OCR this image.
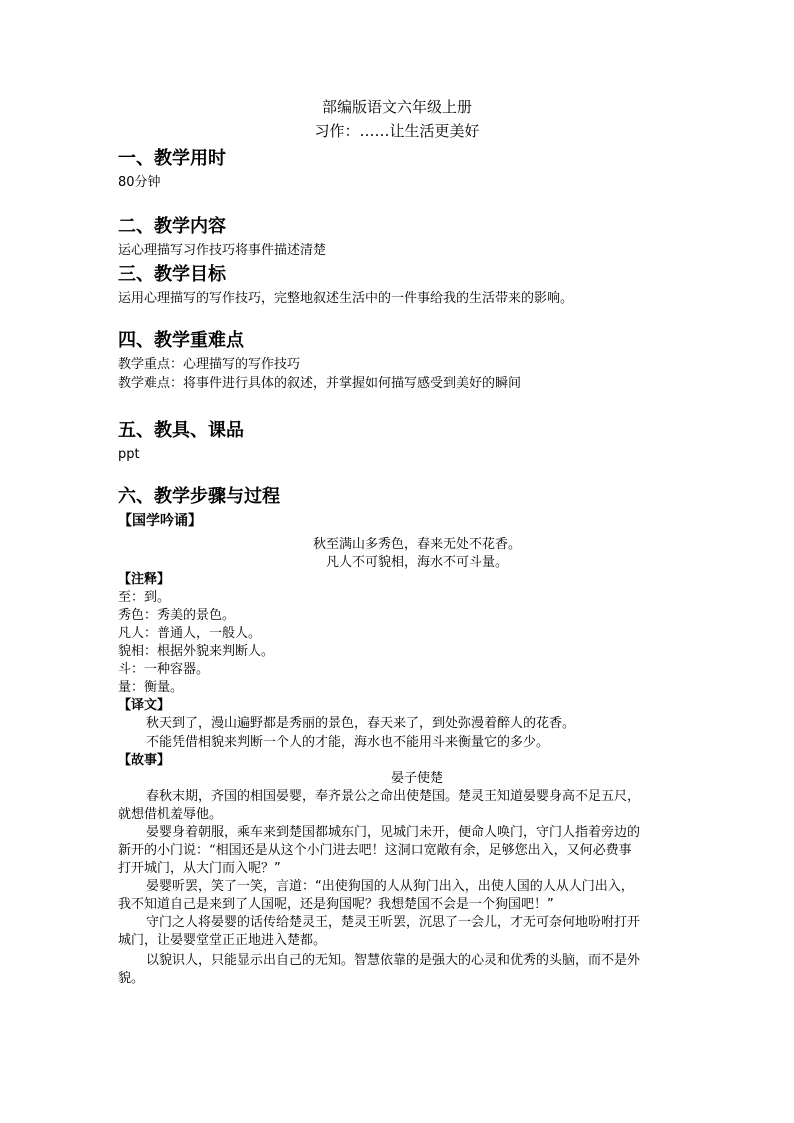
部编版语文六年级上册
习作：……让生活更美好
一、教学用时
80分钟
二、教学内容
运心理描写习作技巧将事件描述清楚
三、教学目标
运用心理描写的写作技巧，完整地叙述生活中的一件事给我的生活带来的影响。
四、教学重难点
教学重点：心理描写的写作技巧
教学难点：将事件进行具体的叙述，并掌握如何描写感受到美好的瞬间
五、教具、课品
ppt
六、教学步骤与过程
【国学吟诵】
秋至满山多秀色，春来无处不花香。
凡人不可貌相，海水不可斗量。
【注释】
至：到。
秀色：秀美的景色。
凡人：普通人，一般人。
貌相：根据外貌来判断人。
斗：一种容器。
量：衡量。
【译文】
秋天到了，漫山遍野都是秀丽的景色，春天来了，到处弥漫着醉人的花香。
不能凭借相貌来判断一个人的才能，海水也不能用斗来衡量它的多少。
【故事】
晏子使楚
春秋末期，齐国的相国晏婴，奉齐景公之命出使楚国。楚灵王知道晏婴身高不足五尺，
就想借机羞辱他。
晏婴身着朝服，乘车来到楚国都城东门，见城门未开，便命人唤门，守门人指着旁边的
新开的小门说：“相国还是从这个小门进去吧！这洞口宽敞有余，足够您出入，又何必费事
打开城门，从大门而入呢？”
晏婴听罢，笑了一笑，言道：“出使狗国的人从狗门出入，出使人国的人从人门出入，
我不知道自己是来到了人国呢，还是狗国呢？我想楚国不会是一个狗国吧！”
守门之人将晏婴的话传给楚灵王，楚灵王听罢，沉思了一会儿，才无可奈何地吩咐打开
城门，让晏婴堂堂正正地进入楚都。
以貌识人，只能显示出自己的无知。智慧依靠的是强大的心灵和优秀的头脑，而不是外
貌。
